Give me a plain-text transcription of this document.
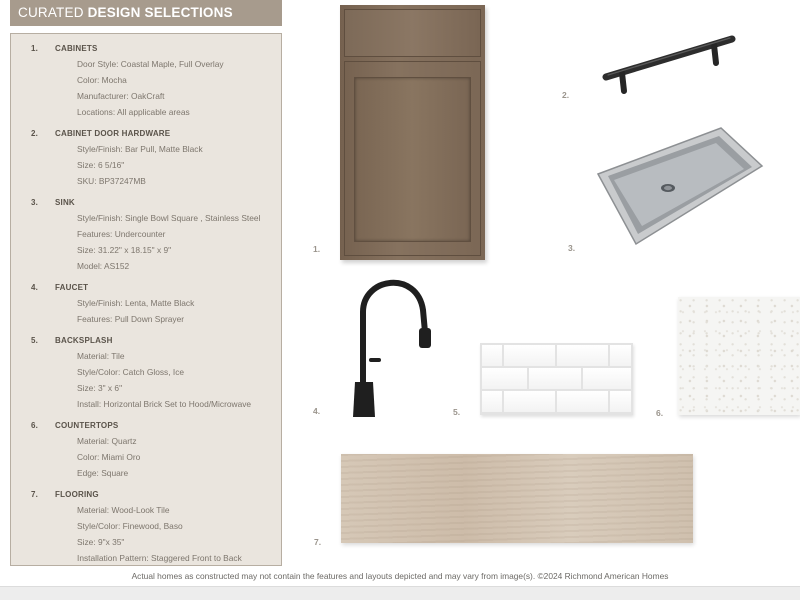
CURATED DESIGN SELECTIONS
1.	CABINETS
Door Style: Coastal Maple, Full Overlay
Color: Mocha
Manufacturer: OakCraft
Locations: All applicable areas
2.	CABINET DOOR HARDWARE
Style/Finish: Bar Pull, Matte Black
Size: 6 5/16"
SKU: BP37247MB
3.	SINK
Style/Finish: Single Bowl Square , Stainless Steel
Features: Undercounter
Size: 31.22" x 18.15" x 9"
Model: AS152
4.	FAUCET
Style/Finish: Lenta, Matte Black
Features: Pull Down Sprayer
5.	BACKSPLASH
Material: Tile
Style/Color: Catch Gloss, Ice
Size: 3" x 6"
Install: Horizontal Brick Set to Hood/Microwave
6.	COUNTERTOPS
Material: Quartz
Color: Miami Oro
Edge: Square
7.	FLOORING
Material: Wood-Look Tile
Style/Color: Finewood, Baso
Size: 9"x 35"
Installation Pattern: Staggered Front to Back
1.
2.
3.
4.	5.	6.
7.
Actual homes as constructed may not contain the features and layouts depicted and may vary from image(s). ©2024 Richmond American Homes
